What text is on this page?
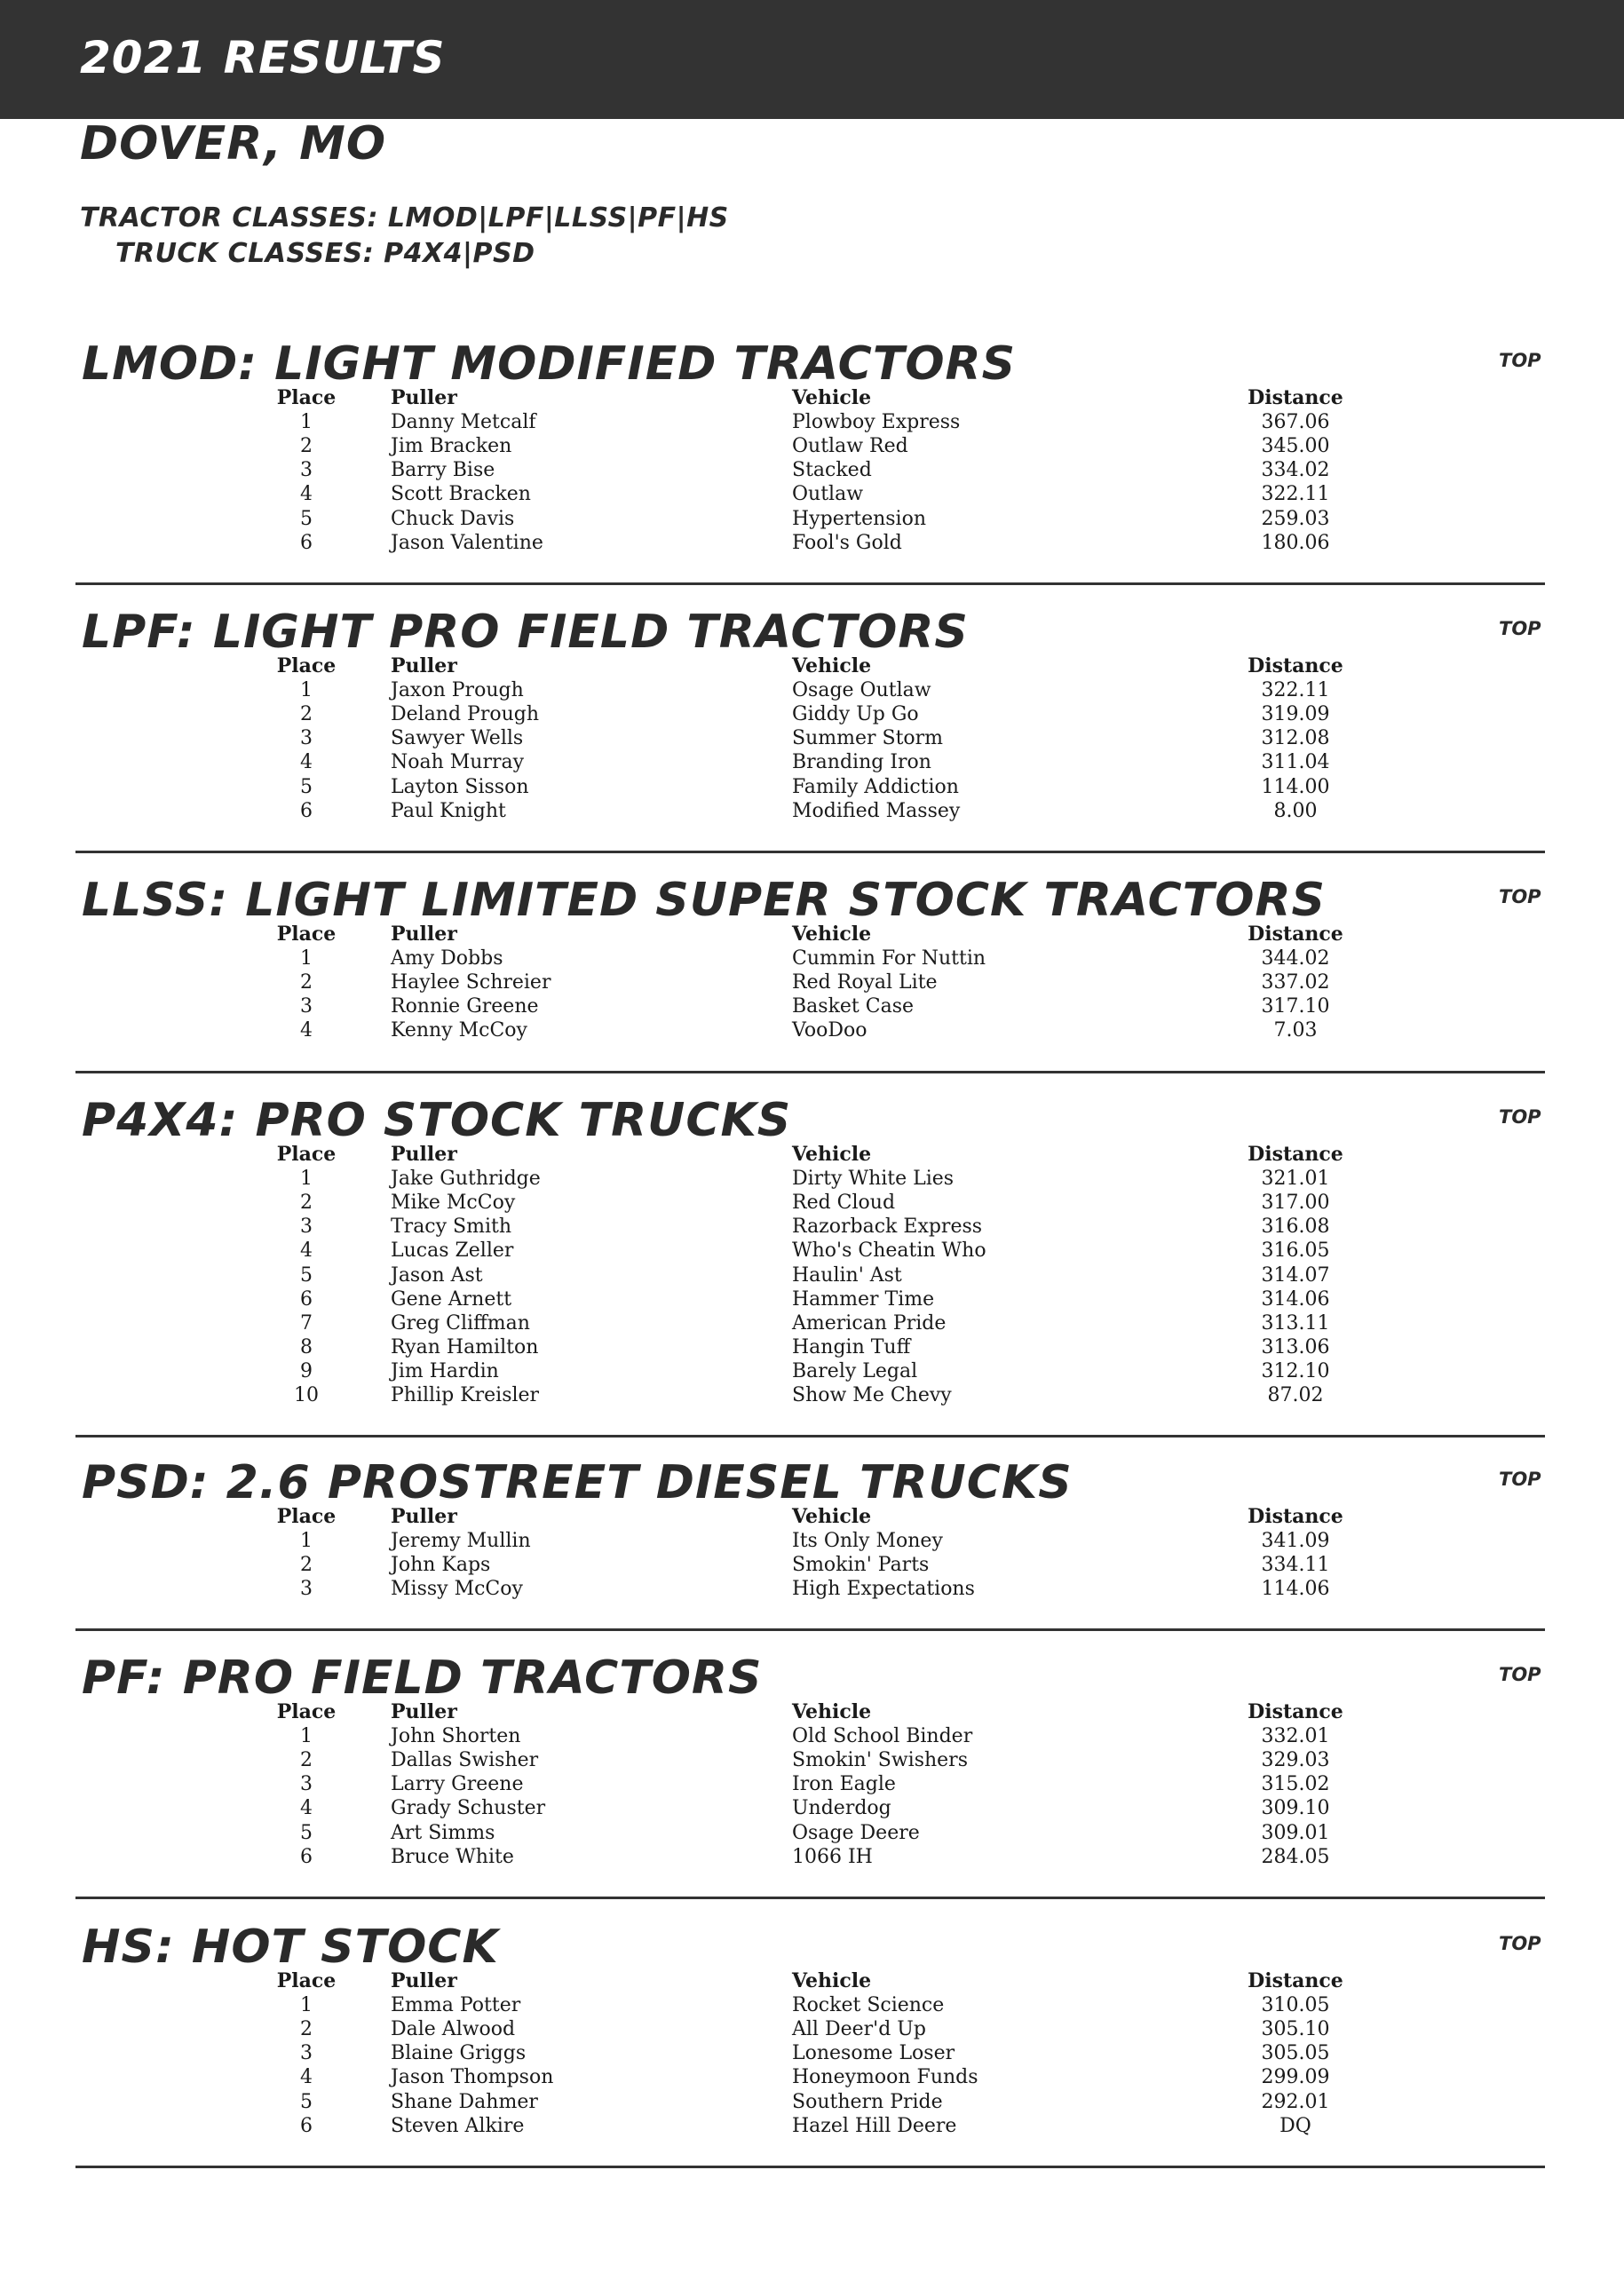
2021 RESULTS
DOVER, MO
TRACTOR CLASSES: LMOD|LPF|LLSS|PF|HS
TRUCK CLASSES: P4X4|PSD
LMOD: LIGHT MODIFIED TRACTORS	TOP
Place	Puller	Vehicle	Distance
1	Danny Metcalf	Plowboy Express	367.06
2	Jim Bracken	Outlaw Red	345.00
3	Barry Bise	Stacked	334.02
4	Scott Bracken	Outlaw	322.11
5	Chuck Davis	Hypertension	259.03
6	Jason Valentine	Fool's Gold	180.06
LPF: LIGHT PRO FIELD TRACTORS	TOP
Place	Puller	Vehicle	Distance
1	Jaxon Prough	Osage Outlaw	322.11
2	Deland Prough	Giddy Up Go	319.09
3	Sawyer Wells	Summer Storm	312.08
4	Noah Murray	Branding Iron	311.04
5	Layton Sisson	Family Addiction	114.00
6	Paul Knight	Modified Massey	8.00
LLSS: LIGHT LIMITED SUPER STOCK TRACTORS	TOP
Place	Puller	Vehicle	Distance
1	Amy Dobbs	Cummin For Nuttin	344.02
2	Haylee Schreier	Red Royal Lite	337.02
3	Ronnie Greene	Basket Case	317.10
4	Kenny McCoy	VooDoo	7.03
P4X4: PRO STOCK TRUCKS	TOP
Place	Puller	Vehicle	Distance
1	Jake Guthridge	Dirty White Lies	321.01
2	Mike McCoy	Red Cloud	317.00
3	Tracy Smith	Razorback Express	316.08
4	Lucas Zeller	Who's Cheatin Who	316.05
5	Jason Ast	Haulin' Ast	314.07
6	Gene Arnett	Hammer Time	314.06
7	Greg Cliffman	American Pride	313.11
8	Ryan Hamilton	Hangin Tuff	313.06
9	Jim Hardin	Barely Legal	312.10
10	Phillip Kreisler	Show Me Chevy	87.02
PSD: 2.6 PROSTREET DIESEL TRUCKS	TOP
Place	Puller	Vehicle	Distance
1	Jeremy Mullin	Its Only Money	341.09
2	John Kaps	Smokin' Parts	334.11
3	Missy McCoy	High Expectations	114.06
PF: PRO FIELD TRACTORS	TOP
Place	Puller	Vehicle	Distance
1	John Shorten	Old School Binder	332.01
2	Dallas Swisher	Smokin' Swishers	329.03
3	Larry Greene	Iron Eagle	315.02
4	Grady Schuster	Underdog	309.10
5	Art Simms	Osage Deere	309.01
6	Bruce White	1066 IH	284.05
HS: HOT STOCK	TOP
Place	Puller	Vehicle	Distance
1	Emma Potter	Rocket Science	310.05
2	Dale Alwood	All Deer'd Up	305.10
3	Blaine Griggs	Lonesome Loser	305.05
4	Jason Thompson	Honeymoon Funds	299.09
5	Shane Dahmer	Southern Pride	292.01
6	Steven Alkire	Hazel Hill Deere	DQ
